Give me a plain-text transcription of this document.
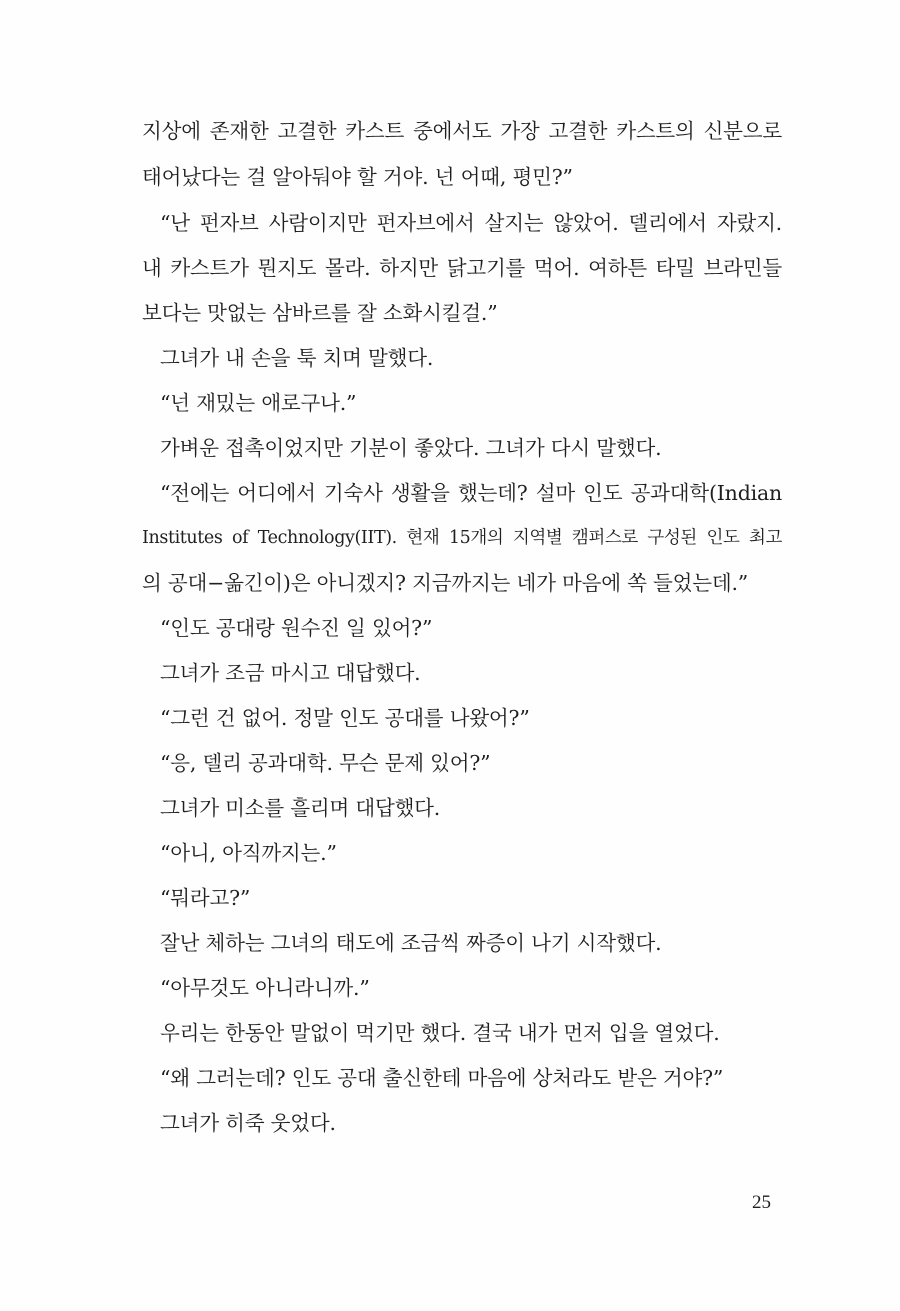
지상에 존재한 고결한 카스트 중에서도 가장 고결한 카스트의 신분으로
태어났다는 걸 알아둬야 할 거야. 넌 어때, 평민?”
“난 펀자브 사람이지만 펀자브에서 살지는 않았어. 델리에서 자랐지.
내 카스트가 뭔지도 몰라. 하지만 닭고기를 먹어. 여하튼 타밀 브라민들
보다는 맛없는 삼바르를 잘 소화시킬걸.”
그녀가 내 손을 툭 치며 말했다.
“넌 재밌는 애로구나.”
가벼운 접촉이었지만 기분이 좋았다. 그녀가 다시 말했다.
“전에는 어디에서 기숙사 생활을 했는데? 설마 인도 공과대학(Indian
Institutes of Technology(IIT). 현재 15개의 지역별 캠퍼스로 구성된 인도 최고
의 공대−옮긴이)은 아니겠지? 지금까지는 네가 마음에 쏙 들었는데.”
“인도 공대랑 원수진 일 있어?”
그녀가 조금 마시고 대답했다.
“그런 건 없어. 정말 인도 공대를 나왔어?”
“응, 델리 공과대학. 무슨 문제 있어?”
그녀가 미소를 흘리며 대답했다.
“아니, 아직까지는.”
“뭐라고?”
잘난 체하는 그녀의 태도에 조금씩 짜증이 나기 시작했다.
“아무것도 아니라니까.”
우리는 한동안 말없이 먹기만 했다. 결국 내가 먼저 입을 열었다.
“왜 그러는데? 인도 공대 출신한테 마음에 상처라도 받은 거야?”
그녀가 히죽 웃었다.
25
